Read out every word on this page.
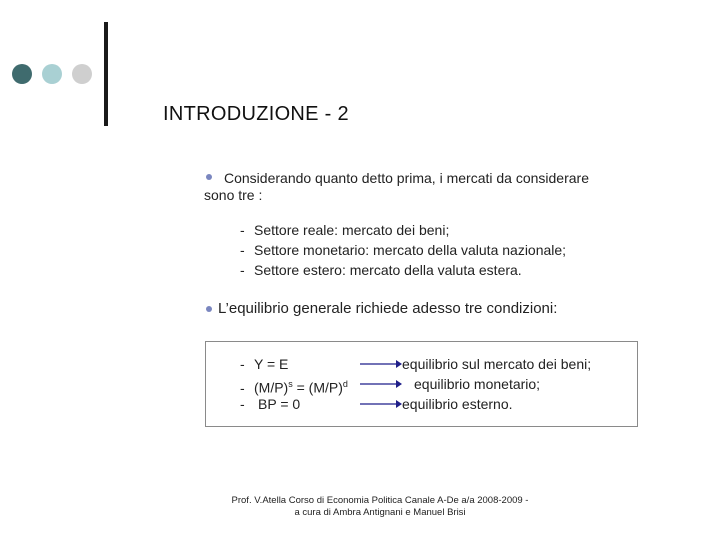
INTRODUZIONE - 2
Considerando quanto detto prima, i mercati da considerare
sono tre :
- Settore reale: mercato dei beni;
- Settore monetario: mercato della valuta nazionale;
- Settore estero: mercato della valuta estera.
L’equilibrio generale richiede adesso tre condizioni:
- Y = E
- $(M/P)^s = (M/P)^d$
- BP = 0
equilibrio sul mercato dei beni;
equilibrio monetario;
equilibrio esterno.
Prof. V.Atella Corso di Economia Politica Canale A-De a/a 2008-2009 -
a cura di Ambra Antignani e Manuel Brisi
